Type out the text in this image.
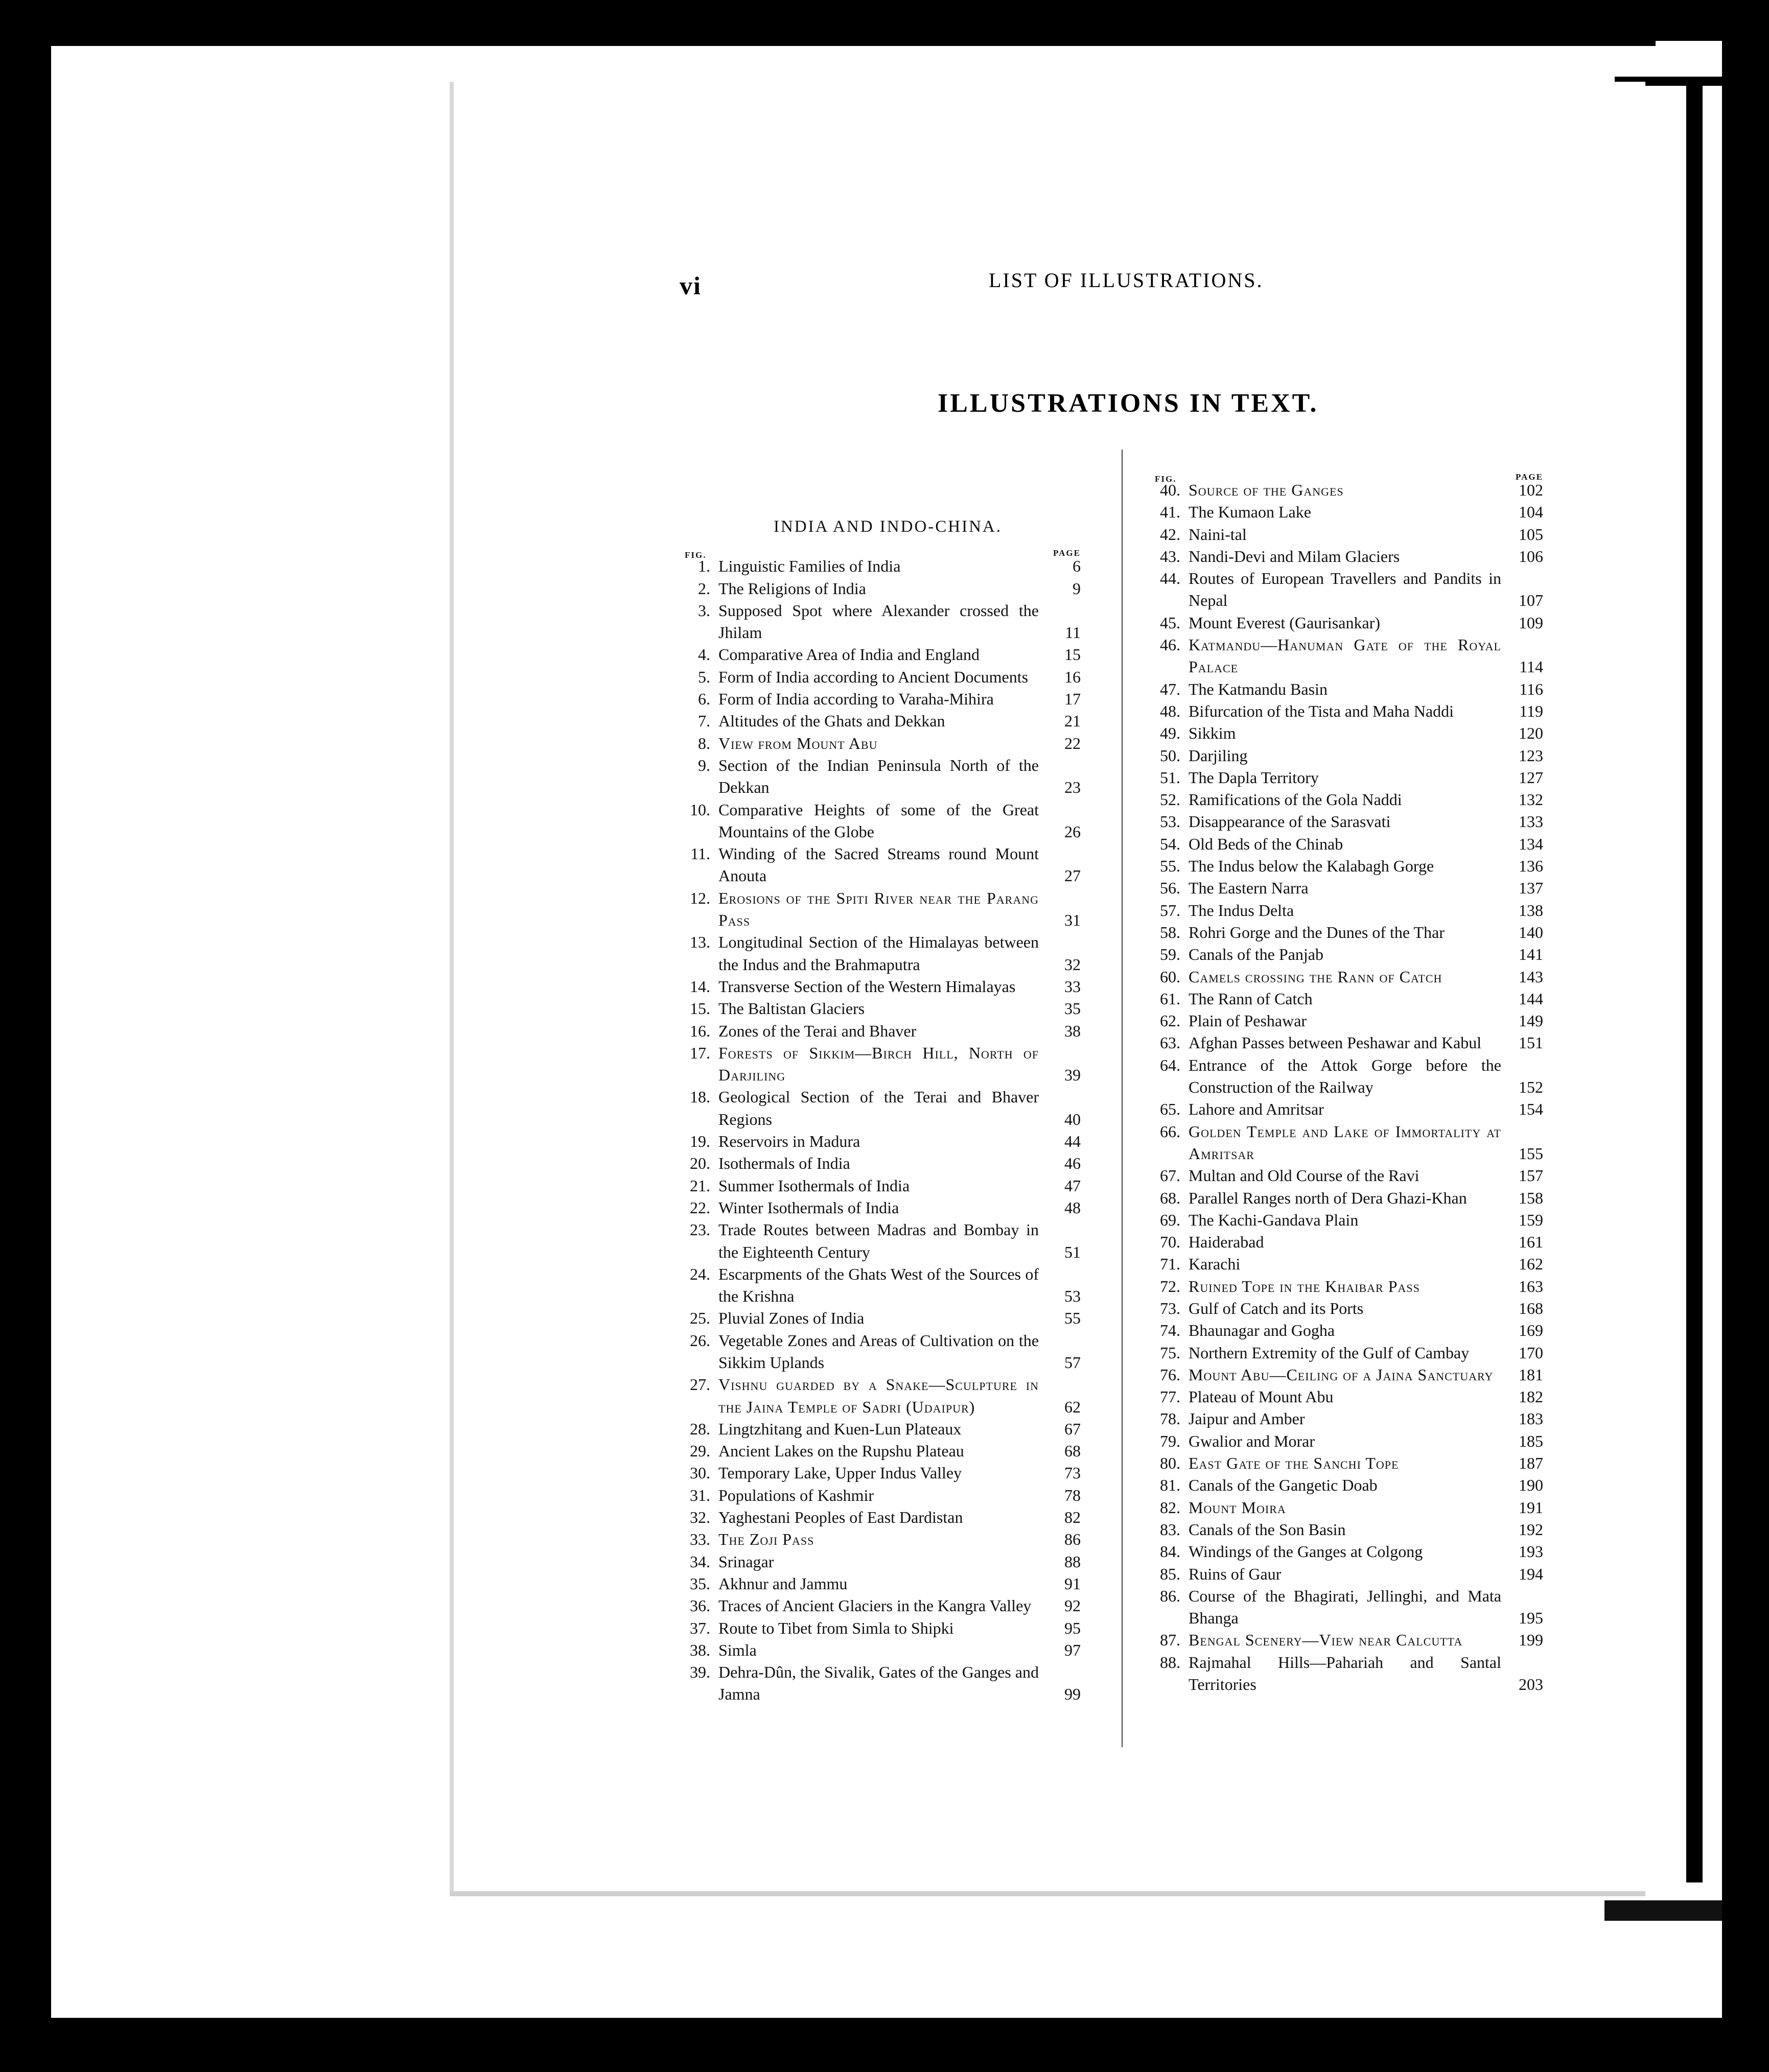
vi	LIST OF ILLUSTRATIONS.
ILLUSTRATIONS IN TEXT.
INDIA AND INDO-CHINA.
FIG.	PAGE
1. Linguistic Families of India	6
2. The Religions of India	9
3. Supposed Spot where Alexander crossed the Jhilam	11
4. Comparative Area of India and England	15
5. Form of India according to Ancient Documents	16
6. Form of India according to Varaha-Mihira	17
7. Altitudes of the Ghats and Dekkan	21
8. View from Mount Abu	22
9. Section of the Indian Peninsula North of the Dekkan	23
10. Comparative Heights of some of the Great Mountains of the Globe	26
11. Winding of the Sacred Streams round Mount Anouta	27
12. Erosions of the Spiti River near the Parang Pass	31
13. Longitudinal Section of the Himalayas between the Indus and the Brahmaputra	32
14. Transverse Section of the Western Himalayas	33
15. The Baltistan Glaciers	35
16. Zones of the Terai and Bhaver	38
17. Forests of Sikkim—Birch Hill, North of Darjiling	39
18. Geological Section of the Terai and Bhaver Regions	40
19. Reservoirs in Madura	44
20. Isothermals of India	46
21. Summer Isothermals of India	47
22. Winter Isothermals of India	48
23. Trade Routes between Madras and Bombay in the Eighteenth Century	51
24. Escarpments of the Ghats West of the Sources of the Krishna	53
25. Pluvial Zones of India	55
26. Vegetable Zones and Areas of Cultivation on the Sikkim Uplands	57
27. Vishnu guarded by a Snake—Sculpture in the Jaina Temple of Sadri (Udaipur)	62
28. Lingtzhitang and Kuen-Lun Plateaux	67
29. Ancient Lakes on the Rupshu Plateau	68
30. Temporary Lake, Upper Indus Valley	73
31. Populations of Kashmir	78
32. Yaghestani Peoples of East Dardistan	82
33. The Zoji Pass	86
34. Srinagar	88
35. Akhnur and Jammu	91
36. Traces of Ancient Glaciers in the Kangra Valley	92
37. Route to Tibet from Simla to Shipki	95
38. Simla	97
39. Dehra-Dûn, the Sivalik, Gates of the Ganges and Jamna	99
FIG.	PAGE
40. Source of the Ganges	102
41. The Kumaon Lake	104
42. Naini-tal	105
43. Nandi-Devi and Milam Glaciers	106
44. Routes of European Travellers and Pandits in Nepal	107
45. Mount Everest (Gaurisankar)	109
46. Katmandu—Hanuman Gate of the Royal Palace	114
47. The Katmandu Basin	116
48. Bifurcation of the Tista and Maha Naddi	119
49. Sikkim	120
50. Darjiling	123
51. The Dapla Territory	127
52. Ramifications of the Gola Naddi	132
53. Disappearance of the Sarasvati	133
54. Old Beds of the Chinab	134
55. The Indus below the Kalabagh Gorge	136
56. The Eastern Narra	137
57. The Indus Delta	138
58. Rohri Gorge and the Dunes of the Thar	140
59. Canals of the Panjab	141
60. Camels crossing the Rann of Catch	143
61. The Rann of Catch	144
62. Plain of Peshawar	149
63. Afghan Passes between Peshawar and Kabul	151
64. Entrance of the Attok Gorge before the Construction of the Railway	152
65. Lahore and Amritsar	154
66. Golden Temple and Lake of Immortality at Amritsar	155
67. Multan and Old Course of the Ravi	157
68. Parallel Ranges north of Dera Ghazi-Khan	158
69. The Kachi-Gandava Plain	159
70. Haiderabad	161
71. Karachi	162
72. Ruined Tope in the Khaibar Pass	163
73. Gulf of Catch and its Ports	168
74. Bhaunagar and Gogha	169
75. Northern Extremity of the Gulf of Cambay	170
76. Mount Abu—Ceiling of a Jaina Sanctuary	181
77. Plateau of Mount Abu	182
78. Jaipur and Amber	183
79. Gwalior and Morar	185
80. East Gate of the Sanchi Tope	187
81. Canals of the Gangetic Doab	190
82. Mount Moira	191
83. Canals of the Son Basin	192
84. Windings of the Ganges at Colgong	193
85. Ruins of Gaur	194
86. Course of the Bhagirati, Jellinghi, and Mata Bhanga	195
87. Bengal Scenery—View near Calcutta	199
88. Rajmahal Hills—Pahariah and Santal Territories	203
